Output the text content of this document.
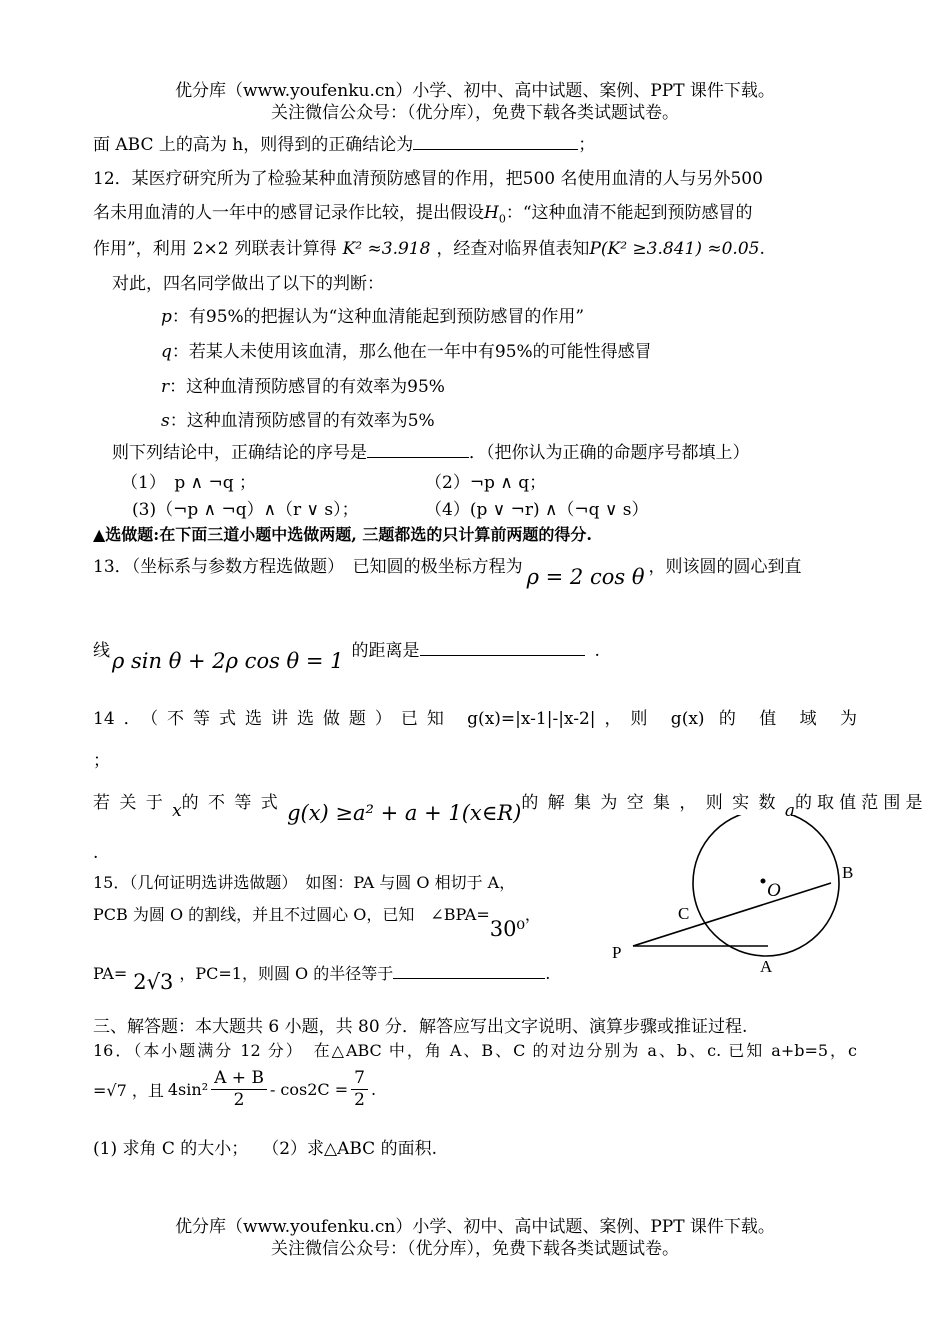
优分库（www.youfenku.cn）小学、初中、高中试题、案例、PPT 课件下载。
关注微信公众号：（优分库），免费下载各类试题试卷。
面 ABC 上的高为 h，则得到的正确结论为	；
12．某医疗研究所为了检验某种血清预防感冒的作用，把500 名使用血清的人与另外500
名未用血清的人一年中的感冒记录作比较，提出假设$H_0$：“这种血清不能起到预防感冒的
作用”，利用 2×2 列联表计算得 K² ≈3.918 ，经查对临界值表知P(K² ≥3.841) ≈0.05.
对此，四名同学做出了以下的判断：
p：有95%的把握认为“这种血清能起到预防感冒的作用”
q：若某人未使用该血清，那么他在一年中有95%的可能性得感冒
r：这种血清预防感冒的有效率为95%
s：这种血清预防感冒的有效率为5%
则下列结论中，正确结论的序号是	．（把你认为正确的命题序号都填上）
（1）　p ∧ ¬q ；	（2）¬p ∧ q；
(3)（¬p ∧ ¬q）∧（r ∨ s）；	（4）(p ∨ ¬r) ∧（¬q ∨ s）
▲选做题:在下面三道小题中选做两题, 三题都选的只计算前两题的得分.
13．（坐标系与参数方程选做题）　已知圆的极坐标方程为 ρ = 2 cos θ ，则该圆的圆心到直
线ρ sin θ + 2ρ cos θ = 1 的距离是	.
14．（不等式选讲选做题）已知 g(x)=|x-1|-|x-2|，则 g(x) 的 值 域 为
；
若关于 x 的不等式 g(x) ≥a² + a + 1(x∈R) 的解集为空集，则实数 a 的取值范围是
.
15．（几何证明选讲选做题）　如图：PA 与圆 O 相切于 A，
PCB 为圆 O 的割线，并且不过圆心 O，已知　∠BPA=30⁰，
PA= 2√3 ，PC=1，则圆 O 的半径等于	.
O
B
C
P
A
三、解答题：本大题共 6 小题，共 80 分．解答应写出文字说明、演算步骤或推证过程.
16．（本小题满分 12 分）　在△ABC 中，角 A、B、C 的对边分别为 a、b、c. 已知 a+b=5，c
=√7 ，且 $4\sin^2 \frac{A + B}{2} - \cos 2C = \frac{7}{2}$ .
(1) 求角 C 的大小；　 （2）求△ABC 的面积.
优分库（www.youfenku.cn）小学、初中、高中试题、案例、PPT 课件下载。
关注微信公众号：（优分库），免费下载各类试题试卷。
